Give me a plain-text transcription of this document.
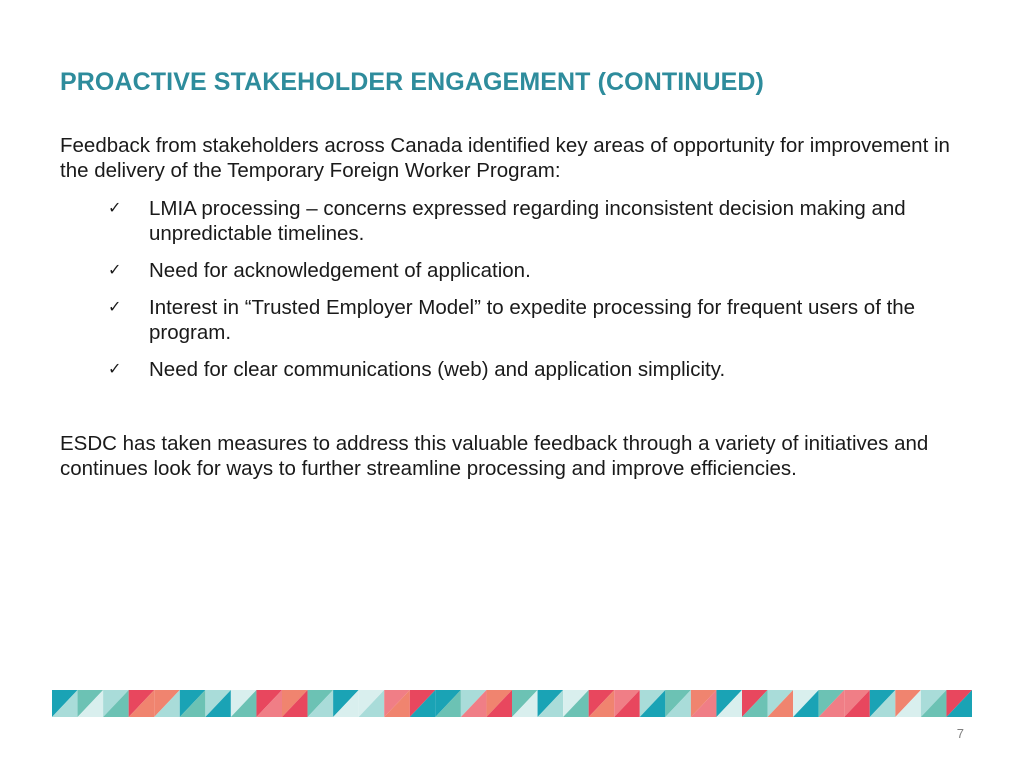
PROACTIVE STAKEHOLDER ENGAGEMENT (CONTINUED)

Feedback from stakeholders across Canada identified key areas of opportunity for improvement in the delivery of the Temporary Foreign Worker Program:

✓ LMIA processing – concerns expressed regarding inconsistent decision making and unpredictable timelines.
✓ Need for acknowledgement of application.
✓ Interest in “Trusted Employer Model” to expedite processing for frequent users of the program.
✓ Need for clear communications (web) and application simplicity.

ESDC has taken measures to address this valuable feedback through a variety of initiatives and continues look for ways to further streamline processing and improve efficiencies.

7
